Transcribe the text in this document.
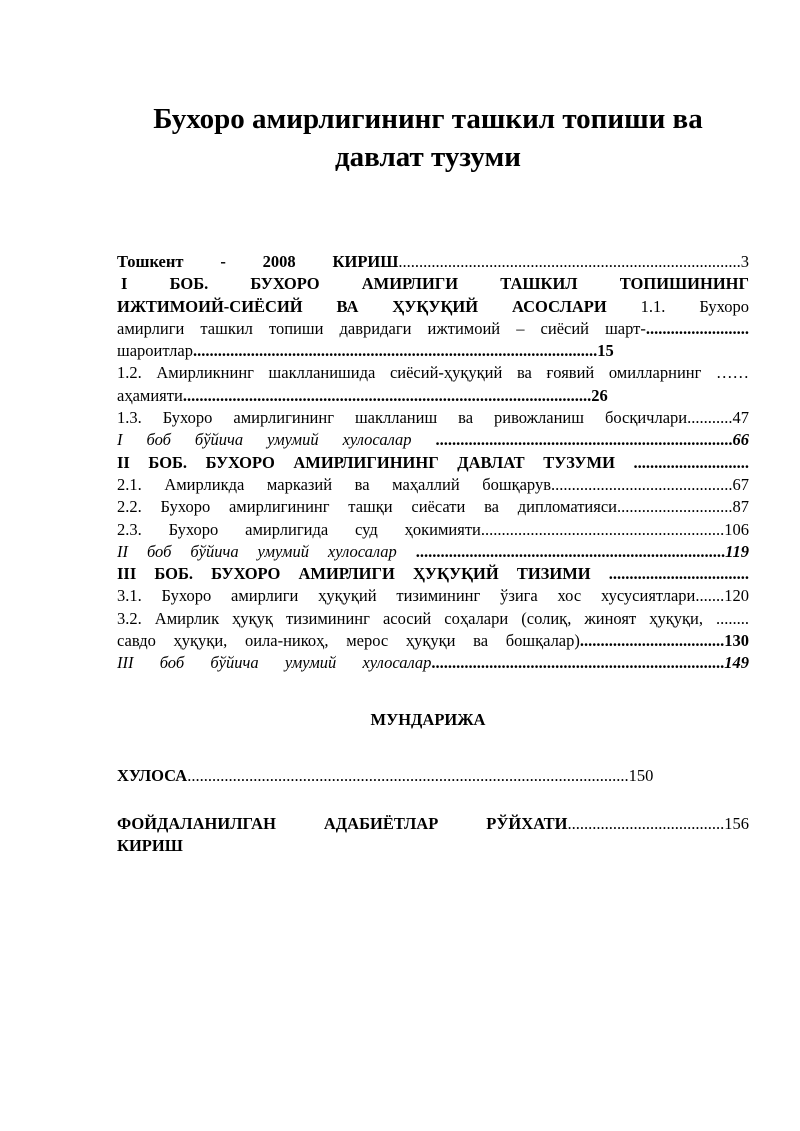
Бухоро амирлигининг ташкил топиши ва
давлат тузуми

Тошкент - 2008 КИРИШ...................................................................................3

І БОБ. БУХОРО АМИРЛИГИ ТАШКИЛ ТОПИШИНИНГ

ИЖТИМОИЙ-СИЁСИЙ ВА ҲУҚУҚИЙ АСОСЛАРИ 1.1. Бухоро

амирлиги ташкил топиши давридаги ижтимоий – сиёсий шарт-.........................

шароитлар..................................................................................................15

1.2. Амирликнинг шаклланишида сиёсий-ҳуқуқий ва ғоявий омилларнинг ……

аҳамияти...................................................................................................26

1.3. Бухоро амирлигининг шаклланиш ва ривожланиш босқичлари...........47

I боб бўйича умумий хулосалар ........................................................................66

ІІ БОБ. БУХОРО АМИРЛИГИНИНГ ДАВЛАТ ТУЗУМИ ............................

2.1. Амирликда марказий ва маҳаллий бошқарув............................................67

2.2. Бухоро амирлигининг ташқи сиёсати ва дипломатияси............................87

2.3. Бухоро амирлигида суд ҳокимияти...........................................................106

II боб бўйича умумий хулосалар ...........................................................................119

ІІІ БОБ. БУХОРО АМИРЛИГИ ҲУҚУҚИЙ ТИЗИМИ ..................................

3.1. Бухоро амирлиги ҳуқуқий тизимининг ўзига хос хусусиятлари.......120

3.2. Амирлик ҳуқуқ тизимининг асосий соҳалари (солиқ, жиноят ҳуқуқи, ........

савдо ҳуқуқи, оила-никоҳ, мерос ҳуқуқи ва бошқалар)...................................130

III боб бўйича умумий хулосалар.......................................................................149

МУНДАРИЖА

ХУЛОСА...........................................................................................................150

ФОЙДАЛАНИЛГАН АДАБИЁТЛАР РЎЙХАТИ......................................156

КИРИШ
